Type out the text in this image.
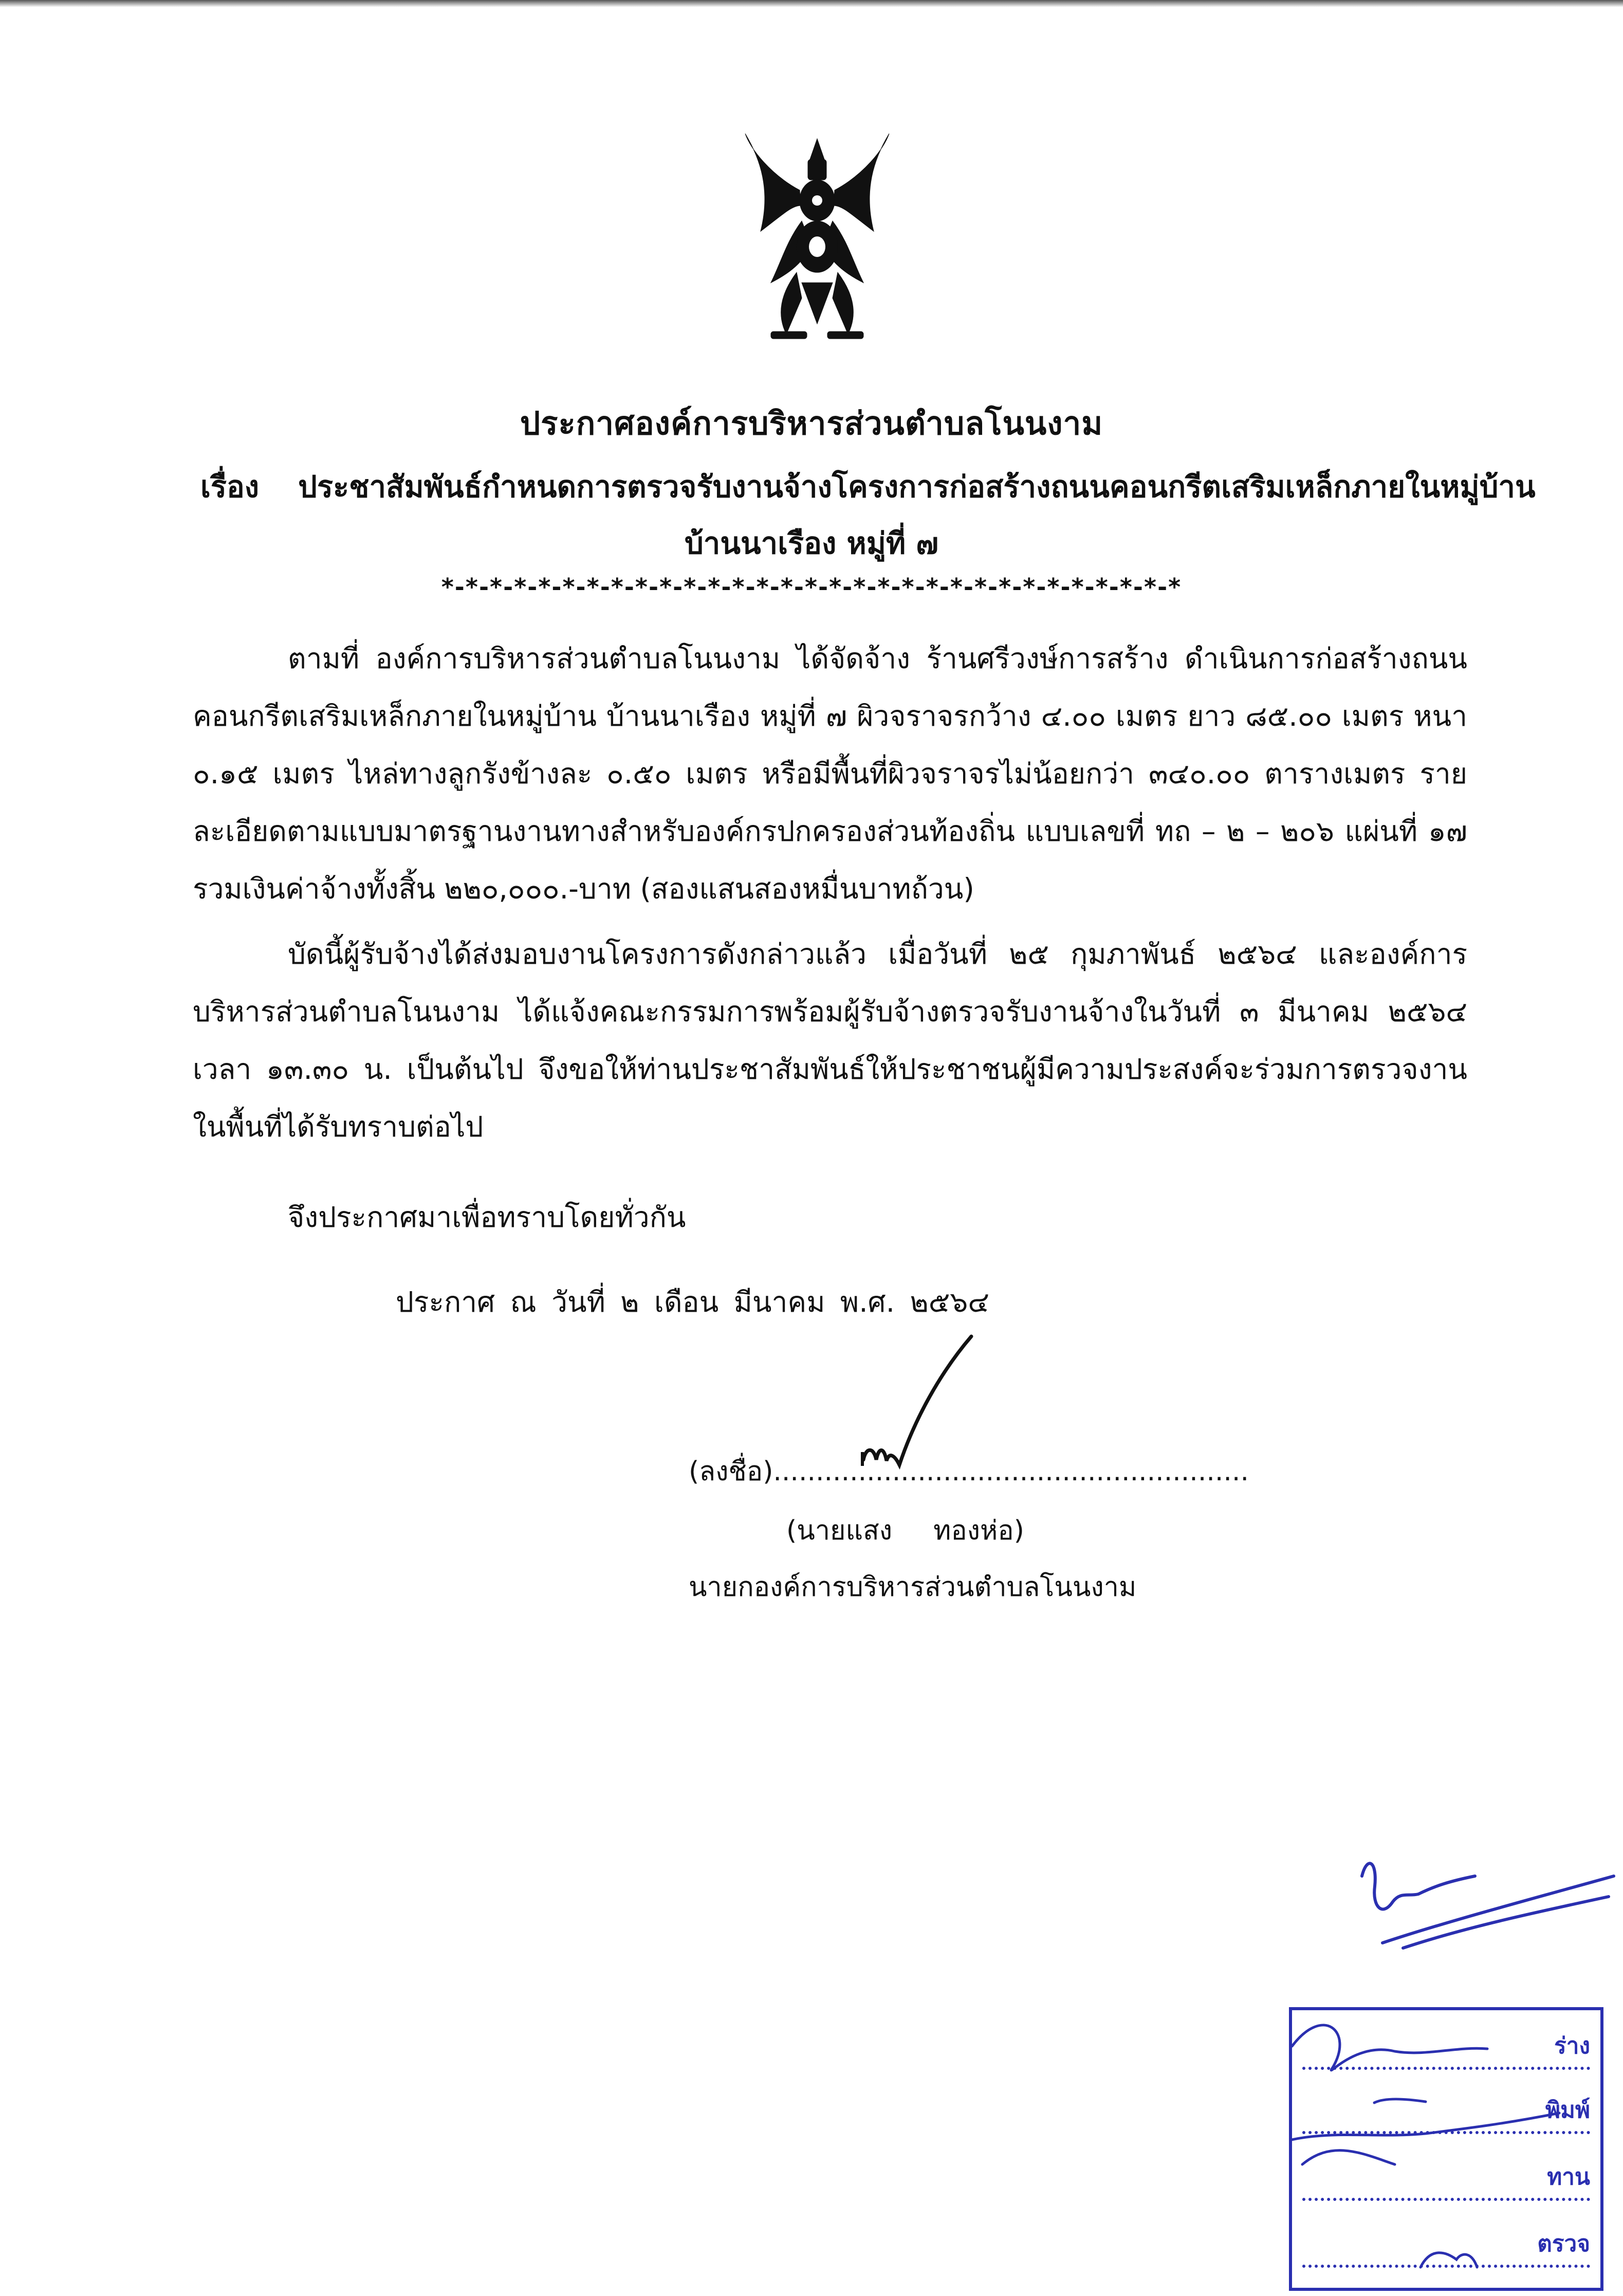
ประกาศองค์การบริหารส่วนตำบลโนนงาม
เรื่อง ประชาสัมพันธ์กำหนดการตรวจรับงานจ้างโครงการก่อสร้างถนนคอนกรีตเสริมเหล็กภายในหมู่บ้าน
บ้านนาเรือง หมู่ที่ ๗
*-*-*-*-*-*-*-*-*-*-*-*-*-*-*-*-*-*-*-*-*-*-*-*-*-*-*-*-*-*-*

ตามที่ องค์การบริหารส่วนตำบลโนนงาม ได้จัดจ้าง ร้านศรีวงษ์การสร้าง ดำเนินการก่อสร้างถนนคอนกรีตเสริมเหล็กภายในหมู่บ้าน บ้านนาเรือง หมู่ที่ ๗ ผิวจราจรกว้าง ๔.๐๐ เมตร ยาว ๘๕.๐๐ เมตร หนา ๐.๑๕ เมตร ไหล่ทางลูกรังข้างละ ๐.๕๐ เมตร หรือมีพื้นที่ผิวจราจรไม่น้อยกว่า ๓๔๐.๐๐ ตารางเมตร รายละเอียดตามแบบมาตรฐานงานทางสำหรับองค์กรปกครองส่วนท้องถิ่น แบบเลขที่ ทถ – ๒ – ๒๐๖ แผ่นที่ ๑๗ รวมเงินค่าจ้างทั้งสิ้น ๒๒๐,๐๐๐.-บาท (สองแสนสองหมื่นบาทถ้วน)

บัดนี้ผู้รับจ้างได้ส่งมอบงานโครงการดังกล่าวแล้ว เมื่อวันที่ ๒๕ กุมภาพันธ์ ๒๕๖๔ และองค์การบริหารส่วนตำบลโนนงาม ได้แจ้งคณะกรรมการพร้อมผู้รับจ้างตรวจรับงานจ้างในวันที่ ๓ มีนาคม ๒๕๖๔ เวลา ๑๓.๓๐ น. เป็นต้นไป จึงขอให้ท่านประชาสัมพันธ์ให้ประชาชนผู้มีความประสงค์จะร่วมการตรวจงานในพื้นที่ได้รับทราบต่อไป

จึงประกาศมาเพื่อทราบโดยทั่วกัน
ประกาศ ณ วันที่ ๒ เดือน มีนาคม พ.ศ. ๒๕๖๔
(ลงชื่อ)........................................................
(นายแสง ทองห่อ)
นายกองค์การบริหารส่วนตำบลโนนงาม
ร่าง
พิมพ์
ทาน
ตรวจ
